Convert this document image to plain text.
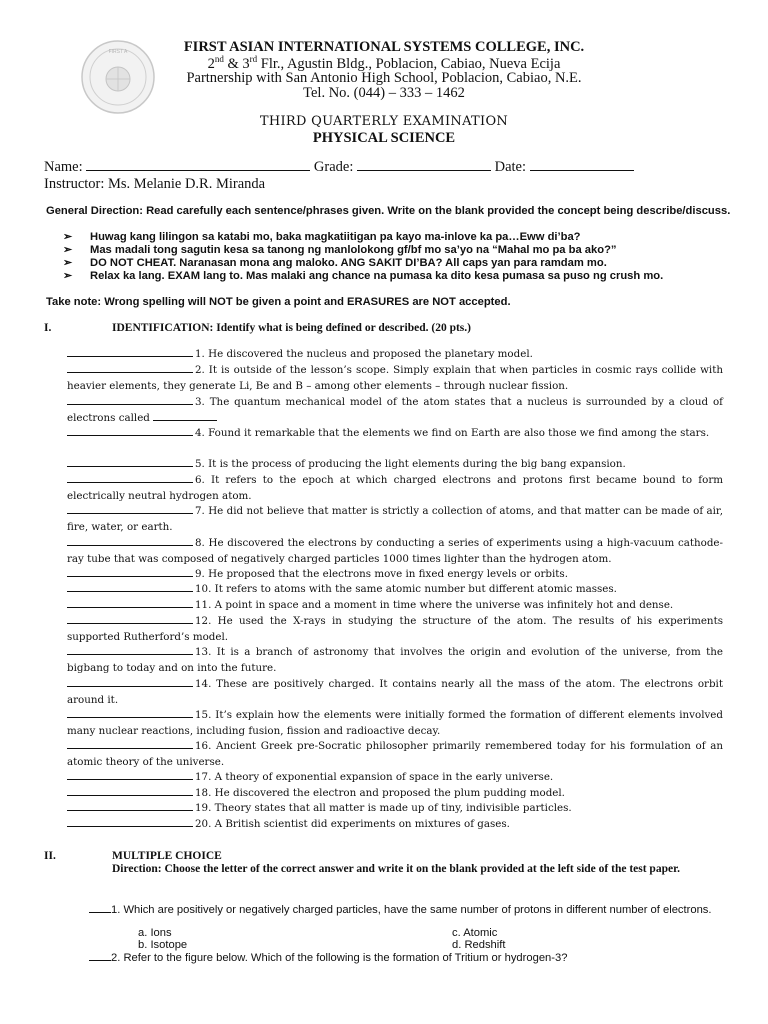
FIRST A	FIRST ASIAN INTERNATIONAL SYSTEMS COLLEGE, INC.
2nd & 3rd Flr., Agustin Bldg., Poblacion, Cabiao, Nueva Ecija
Partnership with San Antonio High School, Poblacion, Cabiao, N.E.
Tel. No. (044) – 333 – 1462
THIRD QUARTERLY EXAMINATION
PHYSICAL SCIENCE
Name:	Grade:	Date:
Instructor: Ms. Melanie D.R. Miranda
General Direction: Read carefully each sentence/phrases given. Write on the blank provided the concept being describe/discuss.
➢	Huwag kang lilingon sa katabi mo, baka magkatiitigan pa kayo ma-inlove ka pa…Eww di’ba?
➢	Mas madali tong sagutin kesa sa tanong ng manlolokong gf/bf mo sa’yo na “Mahal mo pa ba ako?”
➢	DO NOT CHEAT. Naranasan mona ang maloko. ANG SAKIT DI’BA? All caps yan para ramdam mo.
➢	Relax ka lang. EXAM lang to. Mas malaki ang chance na pumasa ka dito kesa pumasa sa puso ng crush mo.
Take note: Wrong spelling will NOT be given a point and ERASURES are NOT accepted.
I.	IDENTIFICATION: Identify what is being defined or described. (20 pts.)
1. He discovered the nucleus and proposed the planetary model.
2. It is outside of the lesson’s scope. Simply explain that when particles in cosmic rays collide with heavier elements, they generate Li, Be and B – among other elements – through nuclear fission.
3. The quantum mechanical model of the atom states that a nucleus is surrounded by a cloud of electrons called
4. Found it remarkable that the elements we find on Earth are also those we find among the stars.
5. It is the process of producing the light elements during the big bang expansion.
6. It refers to the epoch at which charged electrons and protons first became bound to form electrically neutral hydrogen atom.
7. He did not believe that matter is strictly a collection of atoms, and that matter can be made of air, fire, water, or earth.
8. He discovered the electrons by conducting a series of experiments using a high-vacuum cathode-ray tube that was composed of negatively charged particles 1000 times lighter than the hydrogen atom.
9. He proposed that the electrons move in fixed energy levels or orbits.
10. It refers to atoms with the same atomic number but different atomic masses.
11. A point in space and a moment in time where the universe was infinitely hot and dense.
12. He used the X-rays in studying the structure of the atom. The results of his experiments supported Rutherford’s model.
13. It is a branch of astronomy that involves the origin and evolution of the universe, from the bigbang to today and on into the future.
14. These are positively charged. It contains nearly all the mass of the atom. The electrons orbit around it.
15. It’s explain how the elements were initially formed the formation of different elements involved many nuclear reactions, including fusion, fission and radioactive decay.
16. Ancient Greek pre-Socratic philosopher primarily remembered today for his formulation of an atomic theory of the universe.
17. A theory of exponential expansion of space in the early universe.
18. He discovered the electron and proposed the plum pudding model.
19. Theory states that all matter is made up of tiny, indivisible particles.
20. A British scientist did experiments on mixtures of gases.
II.	MULTIPLE CHOICE
Direction: Choose the letter of the correct answer and write it on the blank provided at the left side of the test paper.
1. Which are positively or negatively charged particles, have the same number of protons in different number of electrons.
a. Ions
b. Isotope
c. Atomic
d. Redshift
2. Refer to the figure below. Which of the following is the formation of Tritium or hydrogen-3?
